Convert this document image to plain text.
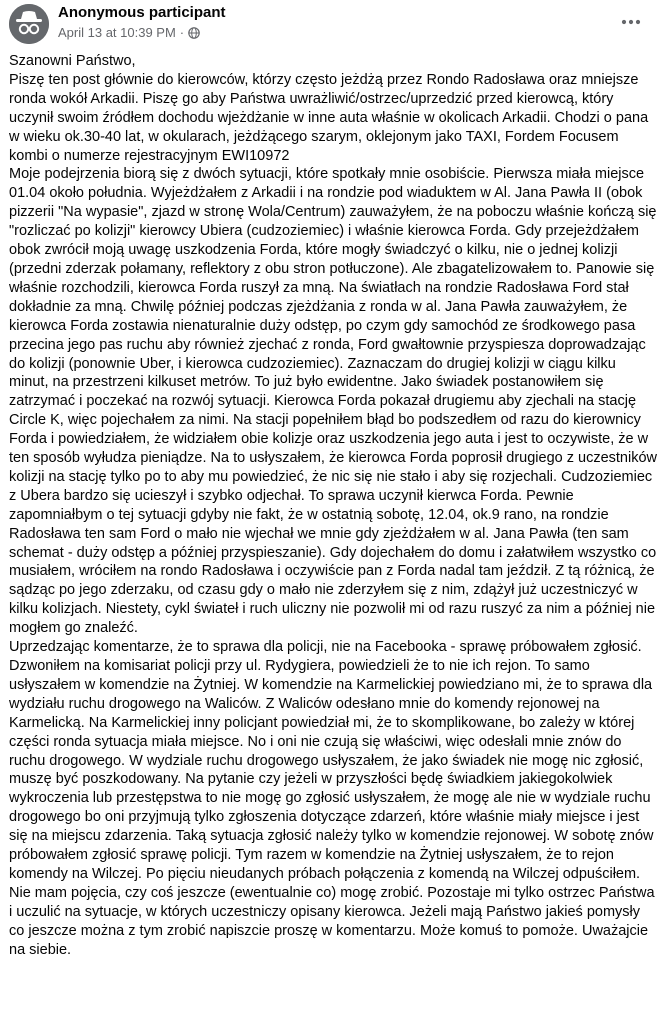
Anonymous participant
April 13 at 10:39 PM ·

Szanowni Państwo,

Piszę ten post głównie do kierowców, którzy często jeżdżą przez Rondo Radosława oraz mniejsze ronda wokół Arkadii. Piszę go aby Państwa uwrażliwić/ostrzec/uprzedzić przed kierowcą, który uczynił swoim źródłem dochodu wjeżdżanie w inne auta właśnie w okolicach Arkadii. Chodzi o pana w wieku ok.30-40 lat, w okularach, jeżdżącego szarym, oklejonym jako TAXI, Fordem Focusem kombi o numerze rejestracyjnym EWI10972

Moje podejrzenia biorą się z dwóch sytuacji, które spotkały mnie osobiście. Pierwsza miała miejsce 01.04 około południa. Wyjeżdżałem z Arkadii i na rondzie pod wiaduktem w Al. Jana Pawła II (obok pizzerii "Na wypasie", zjazd w stronę Wola/Centrum) zauważyłem, że na poboczu właśnie kończą się "rozliczać po kolizji" kierowcy Ubiera (cudzoziemiec) i właśnie kierowca Forda. Gdy przejeżdżałem obok zwrócił moją uwagę uszkodzenia Forda, które mogły świadczyć o kilku, nie o jednej kolizji (przedni zderzak połamany, reflektory z obu stron potłuczone). Ale zbagatelizowałem to. Panowie się właśnie rozchodzili, kierowca Forda ruszył za mną. Na światłach na rondzie Radosława Ford stał dokładnie za mną. Chwilę później podczas zjeżdżania z ronda w al. Jana Pawła zauważyłem, że kierowca Forda zostawia nienaturalnie duży odstęp, po czym gdy samochód ze środkowego pasa przecina jego pas ruchu aby również zjechać z ronda, Ford gwałtownie przyspiesza doprowadzając do kolizji (ponownie Uber, i kierowca cudzoziemiec). Zaznaczam do drugiej kolizji w ciągu kilku minut, na przestrzeni kilkuset metrów. To już było ewidentne. Jako świadek postanowiłem się zatrzymać i poczekać na rozwój sytuacji. Kierowca Forda pokazał drugiemu aby zjechali na stację Circle K, więc pojechałem za nimi. Na stacji popełniłem błąd bo podszedłem od razu do kierownicy Forda i powiedziałem, że widziałem obie kolizje oraz uszkodzenia jego auta i jest to oczywiste, że w ten sposób wyłudza pieniądze. Na to usłyszałem, że kierowca Forda poprosił drugiego z uczestników kolizji na stację tylko po to aby mu powiedzieć, że nic się nie stało i aby się rozjechali. Cudzoziemiec z Ubera bardzo się ucieszył i szybko odjechał. To sprawa uczynił kierwca Forda. Pewnie zapomniałbym o tej sytuacji gdyby nie fakt, że w ostatnią sobotę, 12.04, ok.9 rano, na rondzie Radosława ten sam Ford o mało nie wjechał we mnie gdy zjeżdżałem w al. Jana Pawła (ten sam schemat - duży odstęp a później przyspieszanie). Gdy dojechałem do domu i załatwiłem wszystko co musiałem, wróciłem na rondo Radosława i oczywiście pan z Forda nadal tam jeździł. Z tą różnicą, że sądząc po jego zderzaku, od czasu gdy o mało nie zderzyłem się z nim, zdążył już uczestniczyć w kilku kolizjach. Niestety, cykl świateł i ruch uliczny nie pozwolił mi od razu ruszyć za nim a później nie mogłem go znaleźć.

Uprzedzając komentarze, że to sprawa dla policji, nie na Facebooka - sprawę próbowałem zgłosić. Dzwoniłem na komisariat policji przy ul. Rydygiera, powiedzieli że to nie ich rejon. To samo usłyszałem w komendzie na Żytniej. W komendzie na Karmelickiej powiedziano mi, że to sprawa dla wydziału ruchu drogowego na Waliców. Z Waliców odesłano mnie do komendy rejonowej na Karmelicką. Na Karmelickiej inny policjant powiedział mi, że to skomplikowane, bo zależy w której części ronda sytuacja miała miejsce. No i oni nie czują się właściwi, więc odesłali mnie znów do ruchu drogowego. W wydziale ruchu drogowego usłyszałem, że jako świadek nie mogę nic zgłosić, muszę być poszkodowany. Na pytanie czy jeżeli w przyszłości będę świadkiem jakiegokolwiek wykroczenia lub przestępstwa to nie mogę go zgłosić usłyszałem, że mogę ale nie w wydziale ruchu drogowego bo oni przyjmują tylko zgłoszenia dotyczące zdarzeń, które właśnie miały miejsce i jest się na miejscu zdarzenia. Taką sytuacja zgłosić należy tylko w komendzie rejonowej. W sobotę znów próbowałem zgłosić sprawę policji. Tym razem w komendzie na Żytniej usłyszałem, że to rejon komendy na Wilczej. Po pięciu nieudanych próbach połączenia z komendą na Wilczej odpuściłem.

Nie mam pojęcia, czy coś jeszcze (ewentualnie co) mogę zrobić. Pozostaje mi tylko ostrzec Państwa i uczulić na sytuacje, w których uczestniczy opisany kierowca. Jeżeli mają Państwo jakieś pomysły co jeszcze można z tym zrobić napiszcie proszę w komentarzu. Może komuś to pomoże. Uważajcie na siebie.
